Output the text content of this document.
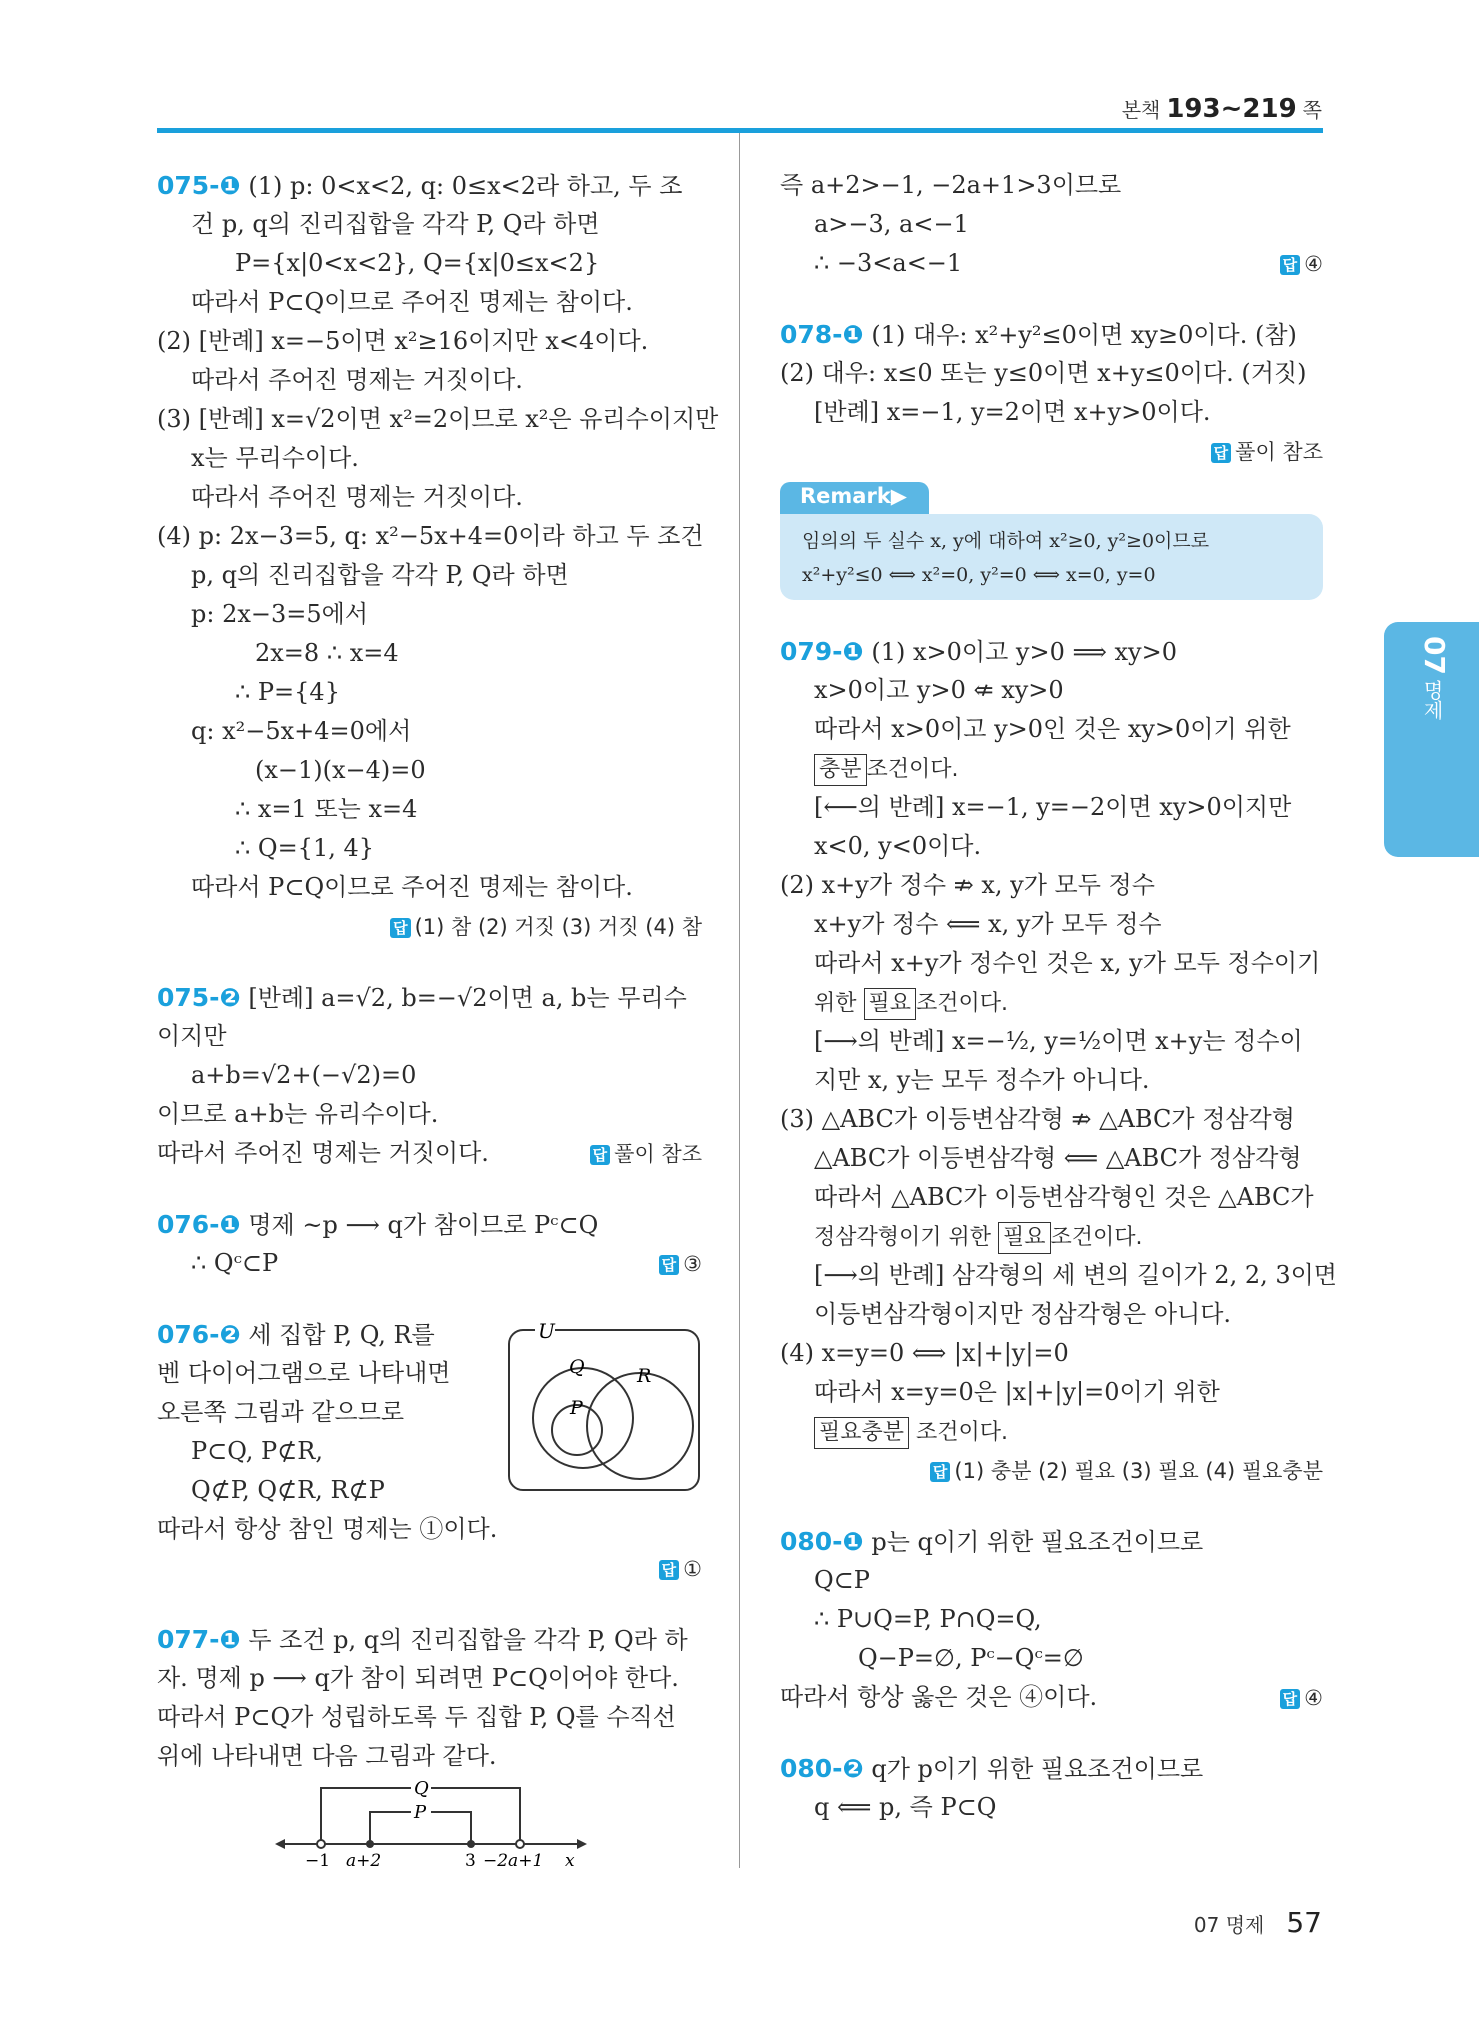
본책 193~219 쪽
07
명제
075-❶ (1) p: 0<x<2, q: 0≤x<2라 하고, 두 조
건 p, q의 진리집합을 각각 P, Q라 하면
P={x|0<x<2}, Q={x|0≤x<2}
따라서 P⊂Q이므로 주어진 명제는 참이다.
(2) [반례] x=−5이면 x²≥16이지만 x<4이다.
따라서 주어진 명제는 거짓이다.
(3) [반례] x=√2이면 x²=2이므로 x²은 유리수이지만
x는 무리수이다.
따라서 주어진 명제는 거짓이다.
(4) p: 2x−3=5, q: x²−5x+4=0이라 하고 두 조건
p, q의 진리집합을 각각 P, Q라 하면
p: 2x−3=5에서
2x=8 ∴ x=4
∴ P={4}
q: x²−5x+4=0에서
(x−1)(x−4)=0
∴ x=1 또는 x=4
∴ Q={1, 4}
따라서 P⊂Q이므로 주어진 명제는 참이다.
답 (1) 참 (2) 거짓 (3) 거짓 (4) 참
075-❷ [반례] a=√2, b=−√2이면 a, b는 무리수
이지만
a+b=√2+(−√2)=0
이므로 a+b는 유리수이다.
따라서 주어진 명제는 거짓이다.	답 풀이 참조
076-❶ 명제 ~p ⟶ q가 참이므로 Pᶜ⊂Q
∴ Qᶜ⊂P	답 ③
076-❷ 세 집합 P, Q, R를
벤 다이어그램으로 나타내면
오른쪽 그림과 같으므로
P⊂Q, P⊄R,
Q⊄P, Q⊄R, R⊄P
따라서 항상 참인 명제는 ①이다.
답 ①
077-❶ 두 조건 p, q의 진리집합을 각각 P, Q라 하
자. 명제 p ⟶ q가 참이 되려면 P⊂Q이어야 한다.
따라서 P⊂Q가 성립하도록 두 집합 P, Q를 수직선
위에 나타내면 다음 그림과 같다.
즉 a+2>−1, −2a+1>3이므로
a>−3, a<−1
∴ −3<a<−1	답 ④
078-❶ (1) 대우: x²+y²≤0이면 xy≥0이다. (참)
(2) 대우: x≤0 또는 y≤0이면 x+y≤0이다. (거짓)
[반례] x=−1, y=2이면 x+y>0이다.
답 풀이 참조
Remark▶
임의의 두 실수 x, y에 대하여 x²≥0, y²≥0이므로
x²+y²≤0 ⟺ x²=0, y²=0 ⟺ x=0, y=0
079-❶ (1) x>0이고 y>0 ⟹ xy>0
x>0이고 y>0 ⇍ xy>0
따라서 x>0이고 y>0인 것은 xy>0이기 위한
충분 조건이다.
[⟵의 반례] x=−1, y=−2이면 xy>0이지만
x<0, y<0이다.
(2) x+y가 정수 ⇏ x, y가 모두 정수
x+y가 정수 ⟸ x, y가 모두 정수
따라서 x+y가 정수인 것은 x, y가 모두 정수이기
위한 필요 조건이다.
[⟶의 반례] x=−½, y=½이면 x+y는 정수이
지만 x, y는 모두 정수가 아니다.
(3) △ABC가 이등변삼각형 ⇏ △ABC가 정삼각형
△ABC가 이등변삼각형 ⟸ △ABC가 정삼각형
따라서 △ABC가 이등변삼각형인 것은 △ABC가
정삼각형이기 위한 필요 조건이다.
[⟶의 반례] 삼각형의 세 변의 길이가 2, 2, 3이면
이등변삼각형이지만 정삼각형은 아니다.
(4) x=y=0 ⟺ |x|+|y|=0
따라서 x=y=0은 |x|+|y|=0이기 위한
필요충분 조건이다.
답 (1) 충분 (2) 필요 (3) 필요 (4) 필요충분
080-❶ p는 q이기 위한 필요조건이므로
Q⊂P
∴ P∪Q=P, P∩Q=Q,
Q−P=∅, Pᶜ−Qᶜ=∅
따라서 항상 옳은 것은 ④이다.	답 ④
080-❷ q가 p이기 위한 필요조건이므로
q ⟸ p, 즉 P⊂Q
U
Q
P
R
Q
P
−1 a+2	3 −2a+1 x
07 명제 57
